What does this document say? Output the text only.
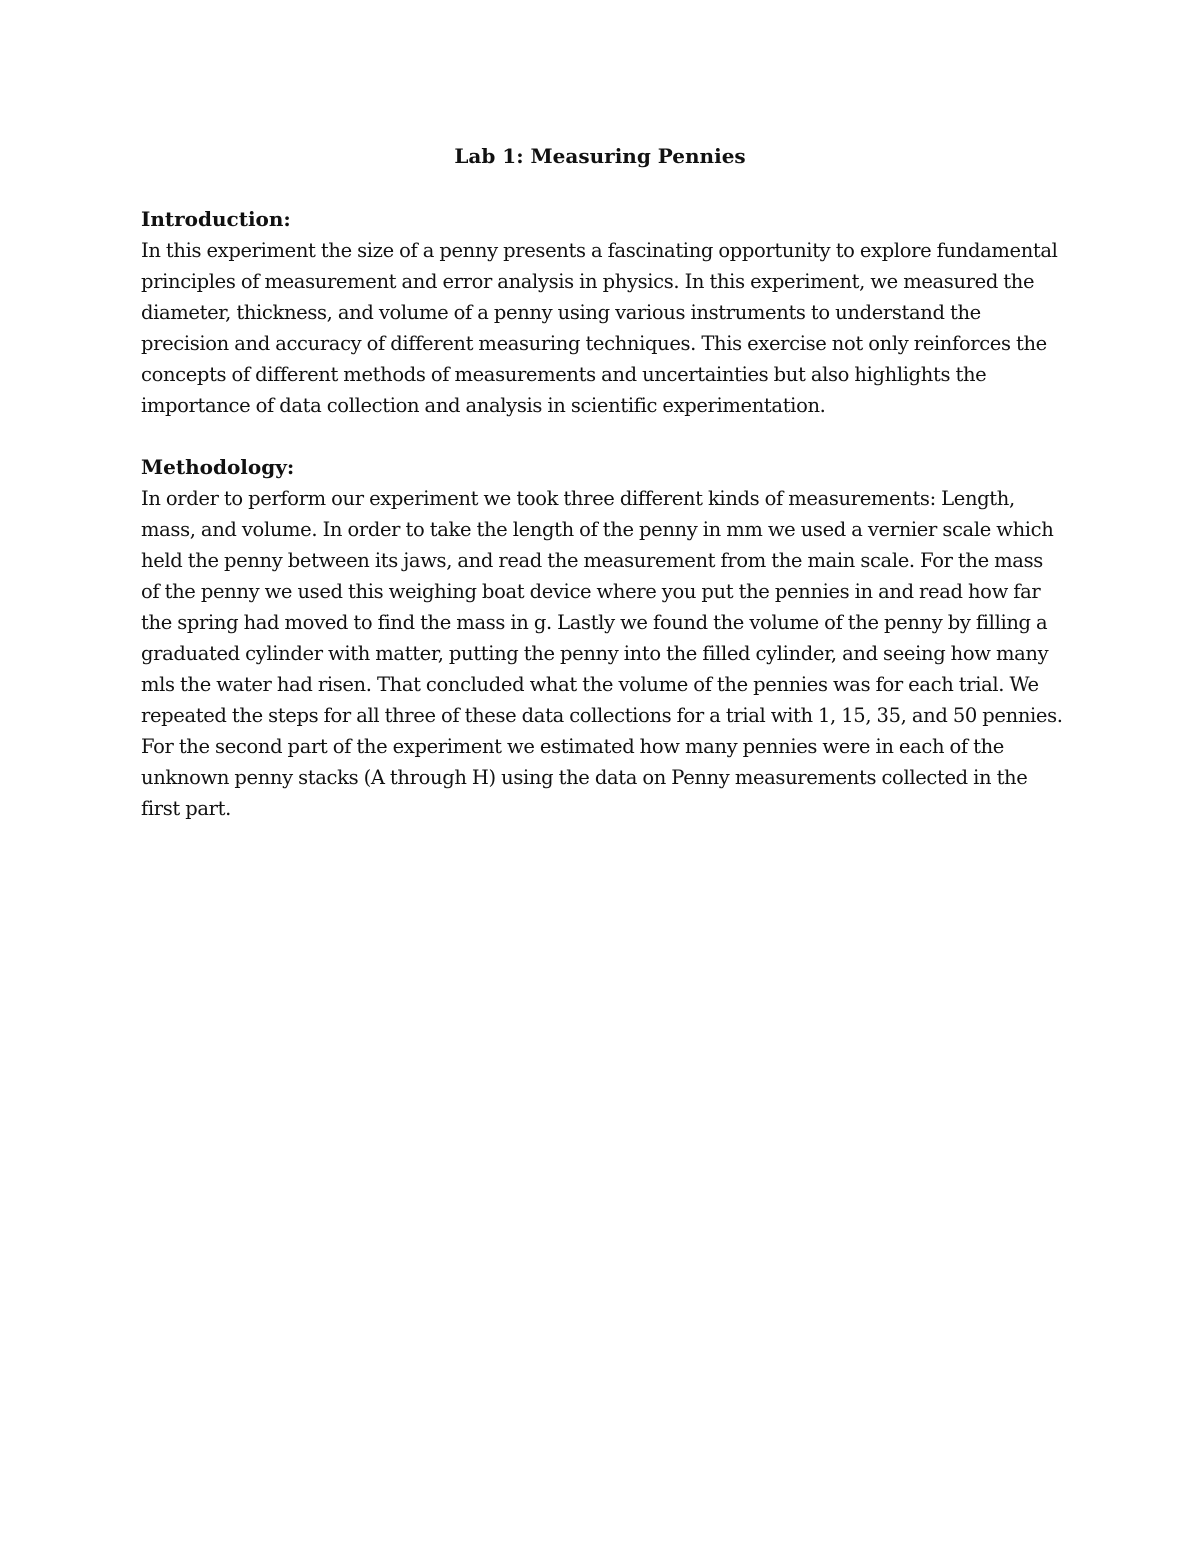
Lab 1: Measuring Pennies
Introduction:

In this experiment the size of a penny presents a fascinating opportunity to explore fundamental principles of measurement and error analysis in physics. In this experiment, we measured the diameter, thickness, and volume of a penny using various instruments to understand the precision and accuracy of different measuring techniques. This exercise not only reinforces the concepts of different methods of measurements and uncertainties but also highlights the importance of data collection and analysis in scientific experimentation.

Methodology:

In order to perform our experiment we took three different kinds of measurements: Length, mass, and volume. In order to take the length of the penny in mm we used a vernier scale which held the penny between its jaws, and read the measurement from the main scale. For the mass of the penny we used this weighing boat device where you put the pennies in and read how far the spring had moved to find the mass in g. Lastly we found the volume of the penny by filling a graduated cylinder with matter, putting the penny into the filled cylinder, and seeing how many mls the water had risen. That concluded what the volume of the pennies was for each trial. We repeated the steps for all three of these data collections for a trial with 1, 15, 35, and 50 pennies. For the second part of the experiment we estimated how many pennies were in each of the unknown penny stacks (A through H) using the data on Penny measurements collected in the first part.
